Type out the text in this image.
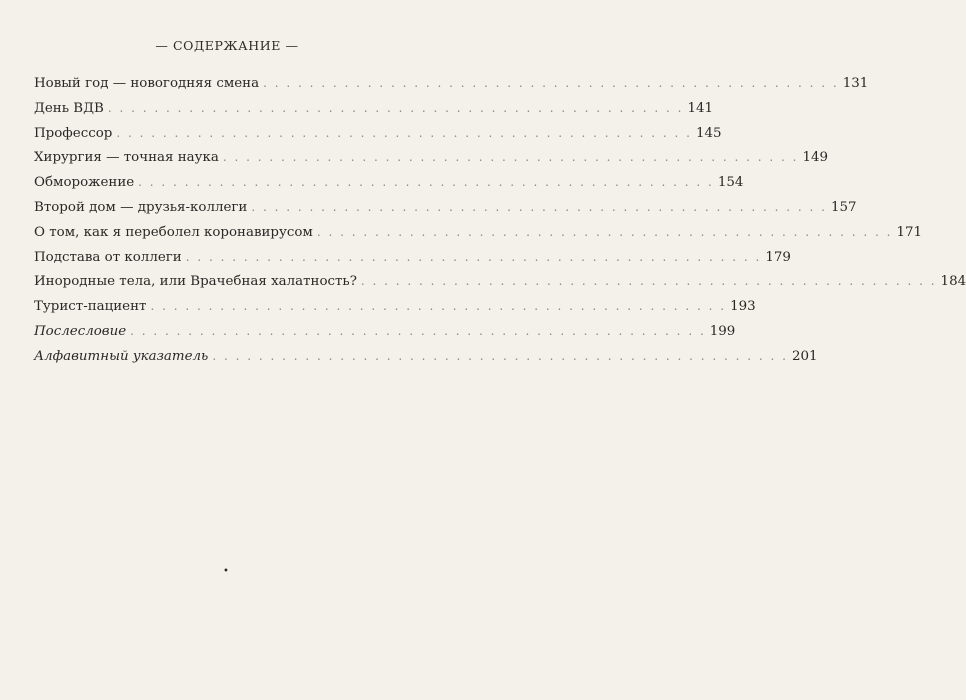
— СОДЕРЖАНИЕ —
Новый год — новогодняя смена . . . . . . . . . . . . . . . . . . . . . . . . . . . . . . . . . . . . . . . . . . . . . . . . . . 131
День ВДВ . . . . . . . . . . . . . . . . . . . . . . . . . . . . . . . . . . . . . . . . . . . . . . . . . . 141
Профессор . . . . . . . . . . . . . . . . . . . . . . . . . . . . . . . . . . . . . . . . . . . . . . . . . . 145
Хирургия — точная наука . . . . . . . . . . . . . . . . . . . . . . . . . . . . . . . . . . . . . . . . . . . . . . . . . . 149
Обморожение . . . . . . . . . . . . . . . . . . . . . . . . . . . . . . . . . . . . . . . . . . . . . . . . . . 154
Второй дом — друзья-коллеги . . . . . . . . . . . . . . . . . . . . . . . . . . . . . . . . . . . . . . . . . . . . . . . . . . 157
О том, как я переболел коронавирусом . . . . . . . . . . . . . . . . . . . . . . . . . . . . . . . . . . . . . . . . . . . . . . . . . . 171
Подстава от коллеги . . . . . . . . . . . . . . . . . . . . . . . . . . . . . . . . . . . . . . . . . . . . . . . . . . 179
Инородные тела, или Врачебная халатность? . . . . . . . . . . . . . . . . . . . . . . . . . . . . . . . . . . . . . . . . . . . . . . . . . . 184
Турист-пациент . . . . . . . . . . . . . . . . . . . . . . . . . . . . . . . . . . . . . . . . . . . . . . . . . . 193
Послесловие . . . . . . . . . . . . . . . . . . . . . . . . . . . . . . . . . . . . . . . . . . . . . . . . . . 199
Алфавитный указатель . . . . . . . . . . . . . . . . . . . . . . . . . . . . . . . . . . . . . . . . . . . . . . . . . . 201
•
